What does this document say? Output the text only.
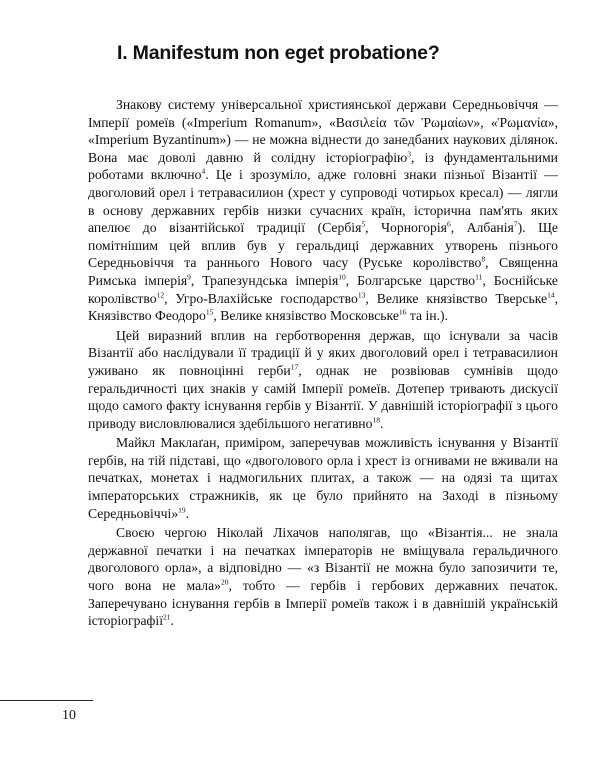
I. Manifestum non eget probatione?

Знакову систему універсальної християнської держави Середньовіччя — Імперії ромеїв («Imperium Romanum», «Βασιλεία τῶν Ῥωμαίων», «Ῥωμανία», «Imperium Byzantinum») — не можна віднести до занедбаних наукових ділянок. Вона має доволі давню й солідну історіографію$^3$, із фундаментальними роботами включно$^4$. Це і зрозуміло, адже головні знаки пізньої Візантії — двоголовий орел і тетравасилион (хрест у супроводі чотирьох кресал) — лягли в основу державних гербів низки сучасних країн, історична пам'ять яких апелює до візантійської традиції (Сербія$^5$, Чорногорія$^6$, Албанія$^7$). Ще помітнішим цей вплив був у геральдиці державних утворень пізнього Середньовіччя та раннього Нового часу (Руське королівство$^8$, Священна Римська імперія$^9$, Трапезундська імперія$^{10}$, Болгарське царство$^{11}$, Боснійське королівство$^{12}$, Угро-Влахійське господарство$^{13}$, Велике князівство Тверське$^{14}$, Князівство Феодоро$^{15}$, Велике князівство Московське$^{16}$ та ін.).

Цей виразний вплив на герботворення держав, що існували за часів Візантії або наслідували її традиції й у яких двоголовий орел і тетравасилион уживано як повноцінні герби$^{17}$, однак не розвіював сумнівів щодо геральдичності цих знаків у самій Імперії ромеїв. Дотепер тривають дискусії щодо самого факту існування гербів у Візантії. У давнішій історіографії з цього приводу висловлювалися здебільшого негативно$^{18}$.

Майкл Маклаґан, приміром, заперечував можливість існування у Візантії гербів, на тій підставі, що «двоголового орла і хрест із огнивами не вживали на печатках, монетах і надмогильних плитах, а також — на одязі та щитах імператорських стражників, як це було прийнято на Заході в пізньому Середньовіччі»$^{19}$.

Своєю чергою Ніколай Ліхачов наполягав, що «Візантія... не знала державної печатки і на печатках імператорів не вміщувала геральдичного двоголового орла», а відповідно — «з Візантії не можна було запозичити те, чого вона не мала»$^{20}$, тобто — гербів і гербових державних печаток. Заперечувано існування гербів в Імперії ромеїв також і в давнішій українській історіографії$^{21}$.

10
